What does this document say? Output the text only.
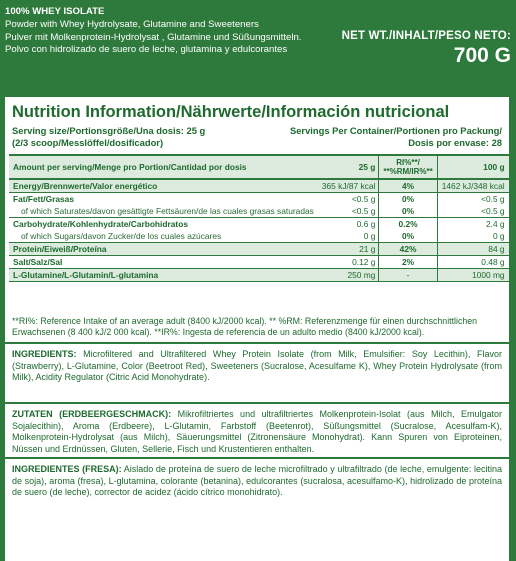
100% WHEY ISOLATE
Powder with Whey Hydrolysate, Glutamine and Sweeteners
Pulver mit Molkenprotein-Hydrolysat , Glutamine und Süßungsmitteln.
Polvo con hidrolizado de suero de leche, glutamina y edulcorantes
NET WT./INHALT/PESO NETO:
700 G
Nutrition Information/Nährwerte/Información nutricional
Serving size/Portionsgröße/Una dosis: 25 g
(2/3 scoop/Messlöffel/dosificador)
Servings Per Container/Portionen pro Packung/
Dosis por envase: 28
Amount per serving/Menge pro Portion/Cantidad por dosis	25 g	RI%**/
**%RM/IR%**	100 g
Energy/Brennwerte/Valor energético	365 kJ/87 kcal	4%	1462 kJ/348 kcal
Fat/Fett/Grasas	<0.5 g	0%	<0.5 g
of which Saturates/davon gesättigte Fettsäuren/de las cuales grasas saturadas	<0.5 g	0%	<0.5 g
Carbohydrate/Kohlenhydrate/Carbohidratos	0.6 g	0.2%	2.4 g
of which Sugars/davon Zucker/de los cuales azúcares	0 g	0%	0 g
Protein/Eiweiß/Proteína	21 g	42%	84 g
Salt/Salz/Sal	0.12 g	2%	0.48 g
L-Glutamine/L-Glutamin/L-glutamina	250 mg	-	1000 mg
**RI%: Reference Intake of an average adult (8400 kJ/2000 kcal). ** %RM: Referenzmenge für einen durchschnittlichen Erwachsenen (8 400 kJ/2 000 kcal). **IR%: Ingesta de referencia de un adulto medio (8400 kJ/2000 kcal).
INGREDIENTS: Microfiltered and Ultrafiltered Whey Protein Isolate (from Milk, Emulsifier: Soy Lecithin), Flavor (Strawberry), L-Glutamine, Color (Beetroot Red), Sweeteners (Sucralose, Acesulfame K), Whey Protein Hydrolysate (from Milk), Acidity Regulator (Citric Acid Monohydrate).
ZUTATEN (ERDBEERGESCHMACK): Mikrofiltriertes und ultrafiltriertes Molkenprotein-Isolat (aus Milch, Emulgator Sojalecithin), Aroma (Erdbeere), L-Glutamin, Farbstoff (Beetenrot), Süßungsmittel (Sucralose, Acesulfam-K), Molkenprotein-Hydrolysat (aus Milch), Säuerungsmittel (Zitronensäure Monohydrat). Kann Spuren von Eiproteinen, Nüssen und Erdnüssen, Gluten, Sellerie, Fisch und Krustentieren enthalten.
INGREDIENTES (FRESA): Aislado de proteína de suero de leche microfiltrado y ultrafiltrado (de leche, emulgente: lecitina de soja), aroma (fresa), L-glutamina, colorante (betanina), edulcorantes (sucralosa, acesulfamo-K), hidrolizado de proteína de suero (de leche), corrector de acidez (ácido cítrico monohidrato).
